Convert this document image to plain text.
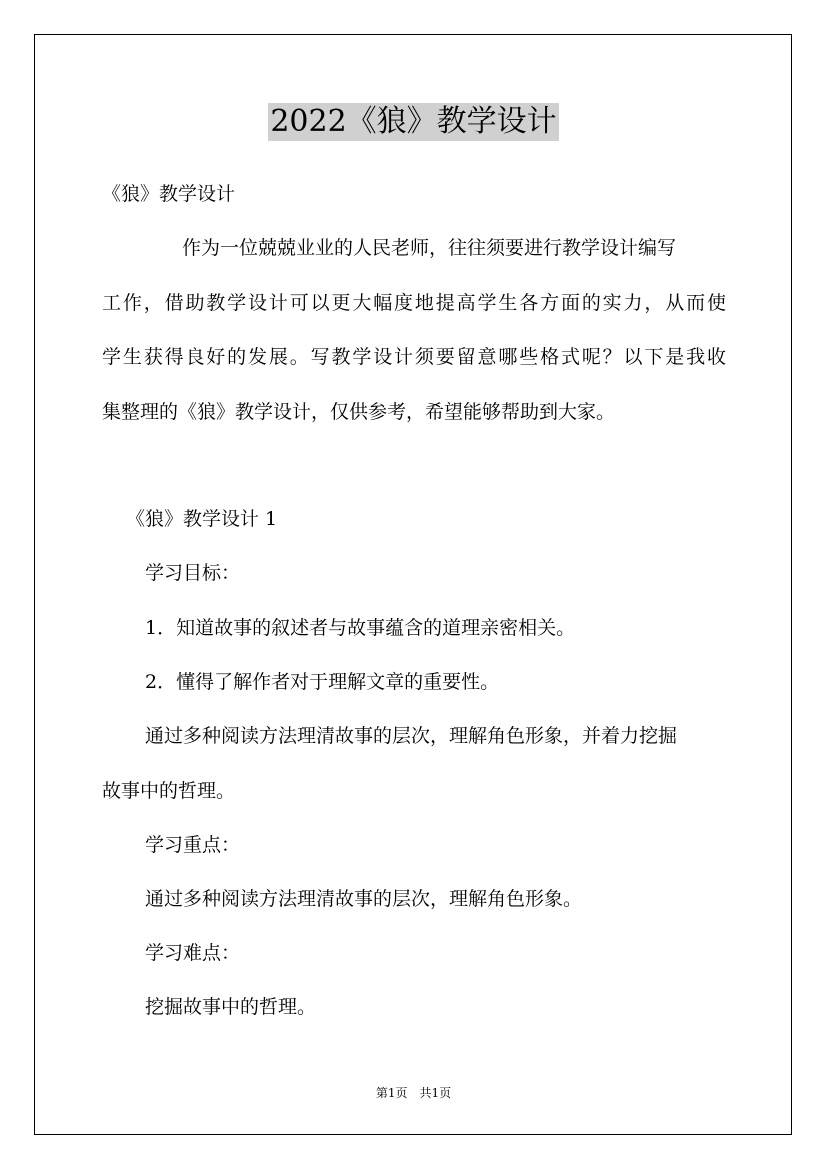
2022《狼》教学设计
《狼》教学设计
作为一位兢兢业业的人民老师，往往须要进行教学设计编写
工作，借助教学设计可以更大幅度地提高学生各方面的实力，从而使
学生获得良好的发展。写教学设计须要留意哪些格式呢？以下是我收
集整理的《狼》教学设计，仅供参考，希望能够帮助到大家。
《狼》教学设计 1
学习目标：
1．知道故事的叙述者与故事蕴含的道理亲密相关。
2．懂得了解作者对于理解文章的重要性。
通过多种阅读方法理清故事的层次，理解角色形象，并着力挖掘
故事中的哲理。
学习重点：
通过多种阅读方法理清故事的层次，理解角色形象。
学习难点：
挖掘故事中的哲理。
第1页　共1页
